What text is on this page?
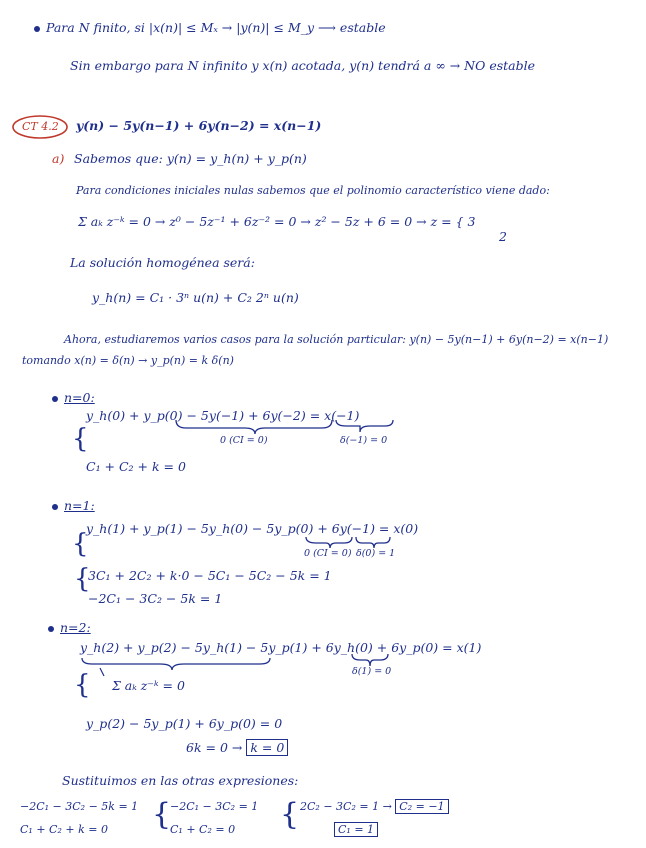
Para N finito, si |x(n)| ≤ Mₓ → |y(n)| ≤ M_y ⟶ estable
Sin embargo para N infinito y x(n) acotada, y(n) tendrá a ∞ → NO estable
CT 4.2 y(n) − 5y(n−1) + 6y(n−2) = x(n−1)
a) Sabemos que: y(n) = y_h(n) + y_p(n)
Para condiciones iniciales nulas sabemos que el polinomio característico viene dado:
Σ aₖ z⁻ᵏ = 0 → z⁰ − 5z⁻¹ + 6z⁻² = 0 → z² − 5z + 6 = 0 → z = { 3
2
La solución homogénea será:
y_h(n) = C₁ · 3ⁿ u(n) + C₂ 2ⁿ u(n)
Ahora, estudiaremos varios casos para la solución particular: y(n) − 5y(n−1) + 6y(n−2) = x(n−1)
tomando x(n) = δ(n) → y_p(n) = k δ(n)
n=0:
y_h(0) + y_p(0) − 5y(−1) + 6y(−2) = x(−1)
0 (CI = 0)	δ(−1) = 0
{
C₁ + C₂ + k = 0
n=1:
y_h(1) + y_p(1) − 5y_h(0) − 5y_p(0) + 6y(−1) = x(0)
{	0 (CI = 0) δ(0) = 1
{
3C₁ + 2C₂ + k·0 − 5C₁ − 5C₂ − 5k = 1
−2C₁ − 3C₂ − 5k = 1
n=2:
y_h(2) + y_p(2) − 5y_h(1) − 5y_p(1) + 6y_h(0) + 6y_p(0) = x(1)
δ(1) = 0
{ Σ aₖ z⁻ᵏ = 0
y_p(2) − 5y_p(1) + 6y_p(0) = 0
6k = 0 → k = 0
Sustituimos en las otras expresiones:
−2C₁ − 3C₂ − 5k = 1
C₁ + C₂ + k = 0 {
−2C₁ − 3C₂ = 1
C₁ + C₂ = 0 { 2C₂ − 3C₂ = 1 → C₂ = −1
C₁ = 1
